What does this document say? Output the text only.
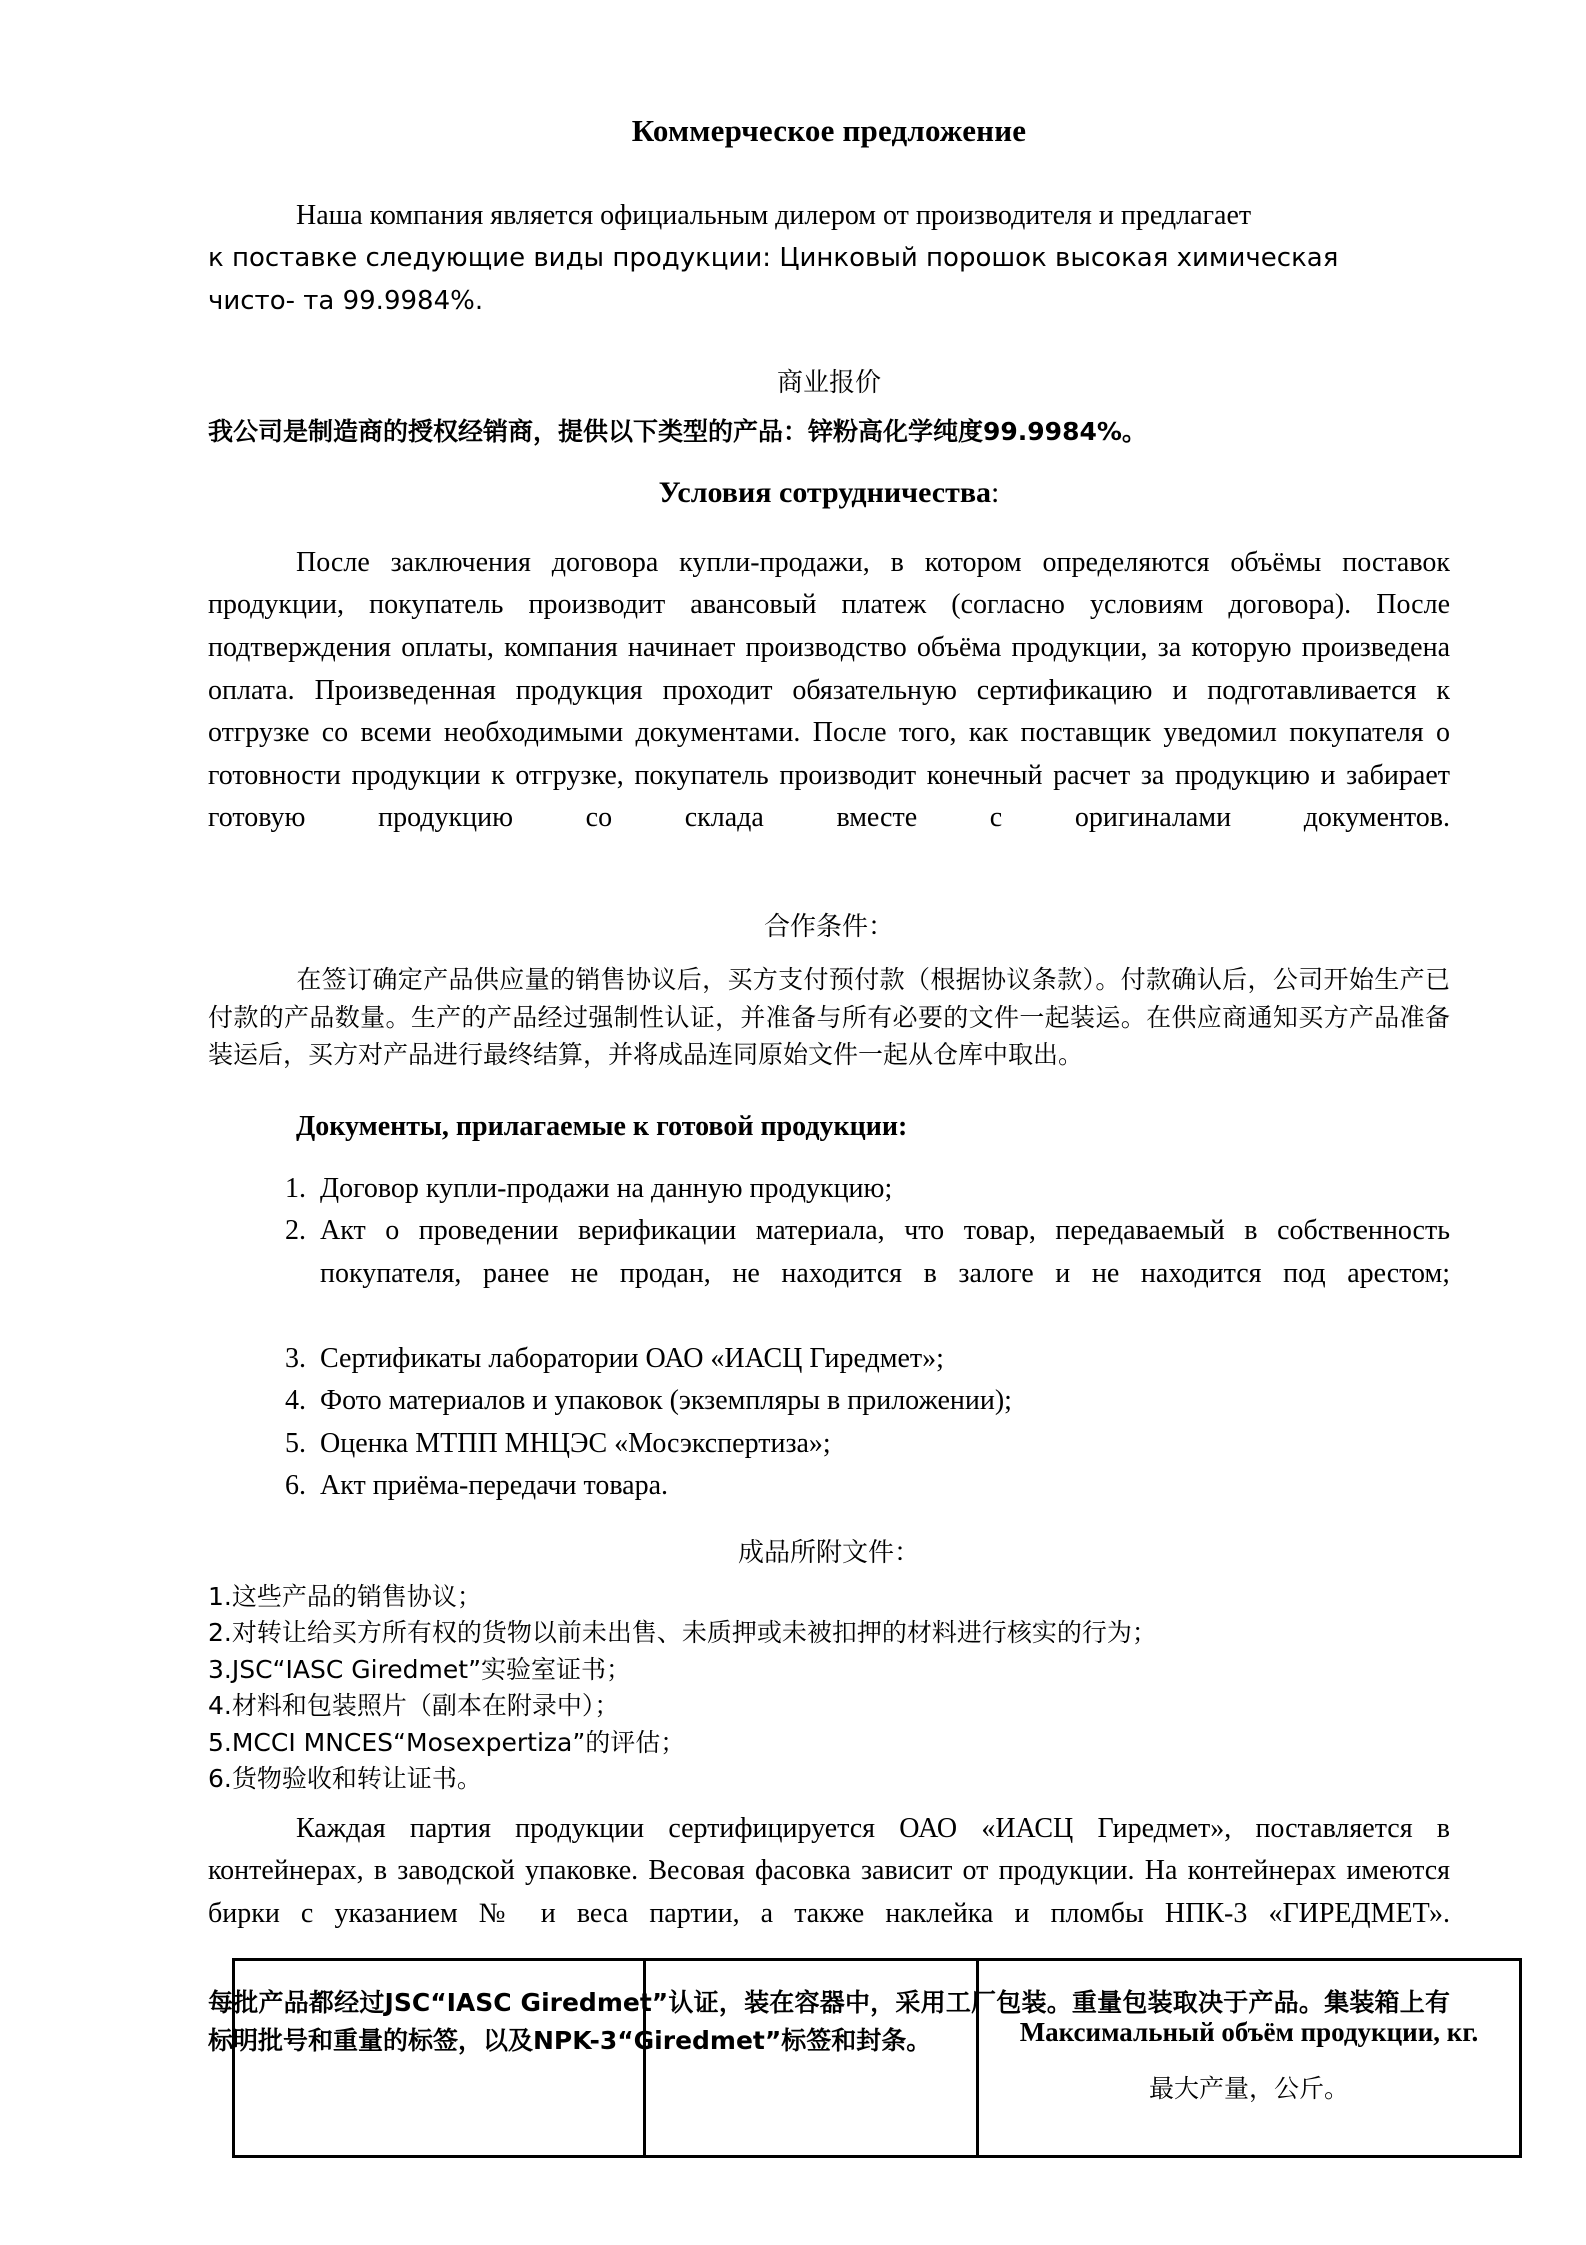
Коммерческое предложение

Наша компания является официальным дилером от производителя и предлагает
к поставке следующие виды продукции: Цинковый порошок высокая химическая
чисто- та 99.9984%.

商业报价

我公司是制造商的授权经销商，提供以下类型的产品：锌粉高化学纯度99.9984%。

Условия сотрудничества:

После заключения договора купли-продажи, в котором определяются объёмы поставок продукции, покупатель производит авансовый платеж (согласно условиям договора). После подтверждения оплаты, компания начинает производство объёма продукции, за которую произведена оплата. Произведенная продукция проходит обязательную сертификацию и подготавливается к отгрузке со всеми необходимыми документами. После того, как поставщик уведомил покупателя о готовности продукции к отгрузке, покупатель производит конечный расчет за продукцию и забирает готовую продукцию со склада вместе с оригиналами документов.

合作条件：

在签订确定产品供应量的销售协议后，买方支付预付款（根据协议条款）。付款确认后，公司开始生产已付款的产品数量。生产的产品经过强制性认证，并准备与所有必要的文件一起装运。在供应商通知买方产品准备装运后，买方对产品进行最终结算，并将成品连同原始文件一起从仓库中取出。

Документы, прилагаемые к готовой продукции:

1. Договор купли-продажи на данную продукцию;
2. Акт о проведении верификации материала, что товар, передаваемый в собственность покупателя, ранее не продан, не находится в залоге и не находится под арестом;
3. Сертификаты лаборатории ОАО «ИАСЦ Гиредмет»;
4. Фото материалов и упаковок (экземпляры в приложении);
5. Оценка МТПП МНЦЭС «Мосэкспертиза»;
6. Акт приёма-передачи товара.

成品所附文件：

1.这些产品的销售协议；
2.对转让给买方所有权的货物以前未出售、未质押或未被扣押的材料进行核实的行为；
3.JSC“IASC Giredmet”实验室证书；
4.材料和包装照片（副本在附录中）；
5.MCCI MNCES“Mosexpertiza”的评估；
6.货物验收和转让证书。

Каждая партия продукции сертифицируется ОАО «ИАСЦ Гиредмет», поставляется в контейнерах, в заводской упаковке. Весовая фасовка зависит от продукции. На контейнерах имеются бирки с указанием № и веса партии, а также наклейка и пломбы НПК-3 «ГИРЕДМЕТ».

每批产品都经过JSC“IASC Giredmet”认证，装在容器中，采用工厂包装。重量包装取决于产品。集装箱上有标明批号和重量的标签，以及NPK-3“Giredmet”标签和封条。

		Максимальный объём продукции, кг.

最大产量，公斤。
